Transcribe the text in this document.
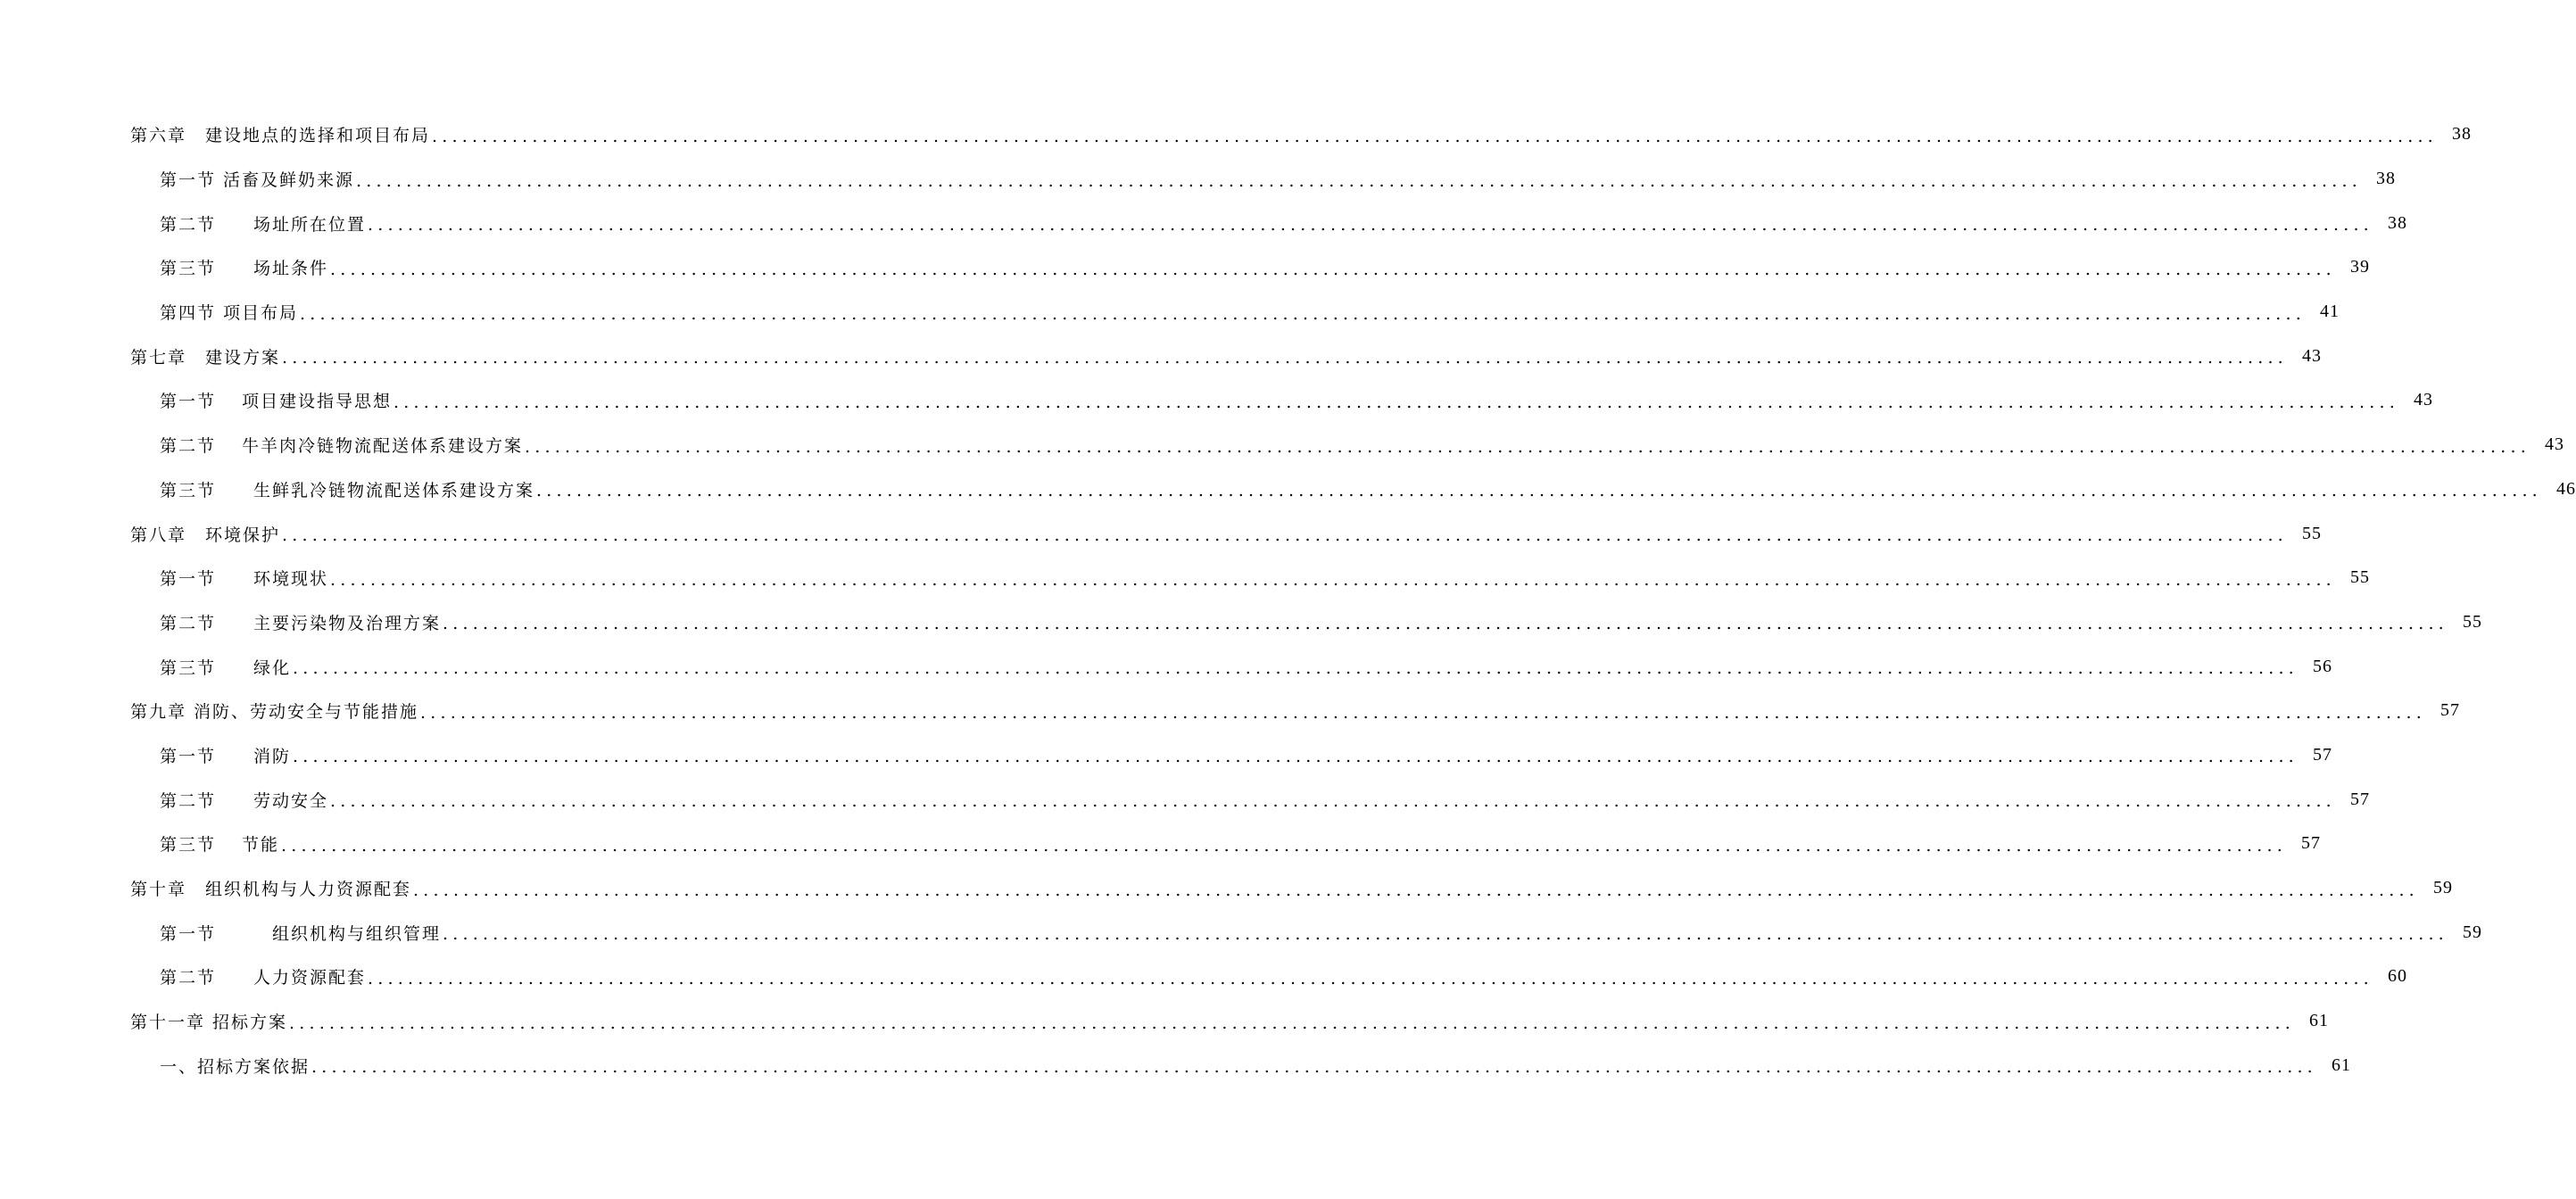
第六章　建设地点的选择和项目布局 ........................................................................................................................................................................................................ 38
第一节 活畜及鲜奶来源 ........................................................................................................................................................................................................ 38
第二节　　场址所在位置 ........................................................................................................................................................................................................ 38
第三节　　场址条件 ........................................................................................................................................................................................................ 39
第四节 项目布局 ........................................................................................................................................................................................................ 41
第七章　建设方案 ........................................................................................................................................................................................................ 43
第一节　 项目建设指导思想 ........................................................................................................................................................................................................ 43
第二节　 牛羊肉冷链物流配送体系建设方案 ........................................................................................................................................................................................................ 43
第三节　　生鲜乳冷链物流配送体系建设方案 ........................................................................................................................................................................................................ 46
第八章　环境保护 ........................................................................................................................................................................................................ 55
第一节　　环境现状 ........................................................................................................................................................................................................ 55
第二节　　主要污染物及治理方案 ........................................................................................................................................................................................................ 55
第三节　　绿化 ........................................................................................................................................................................................................ 56
第九章 消防、劳动安全与节能措施 ........................................................................................................................................................................................................ 57
第一节　　消防 ........................................................................................................................................................................................................ 57
第二节　　劳动安全 ........................................................................................................................................................................................................ 57
第三节　 节能 ........................................................................................................................................................................................................ 57
第十章　组织机构与人力资源配套 ........................................................................................................................................................................................................ 59
第一节　　　组织机构与组织管理 ........................................................................................................................................................................................................ 59
第二节　　人力资源配套 ........................................................................................................................................................................................................ 60
第十一章 招标方案 ........................................................................................................................................................................................................ 61
一、招标方案依据 ........................................................................................................................................................................................................ 61
